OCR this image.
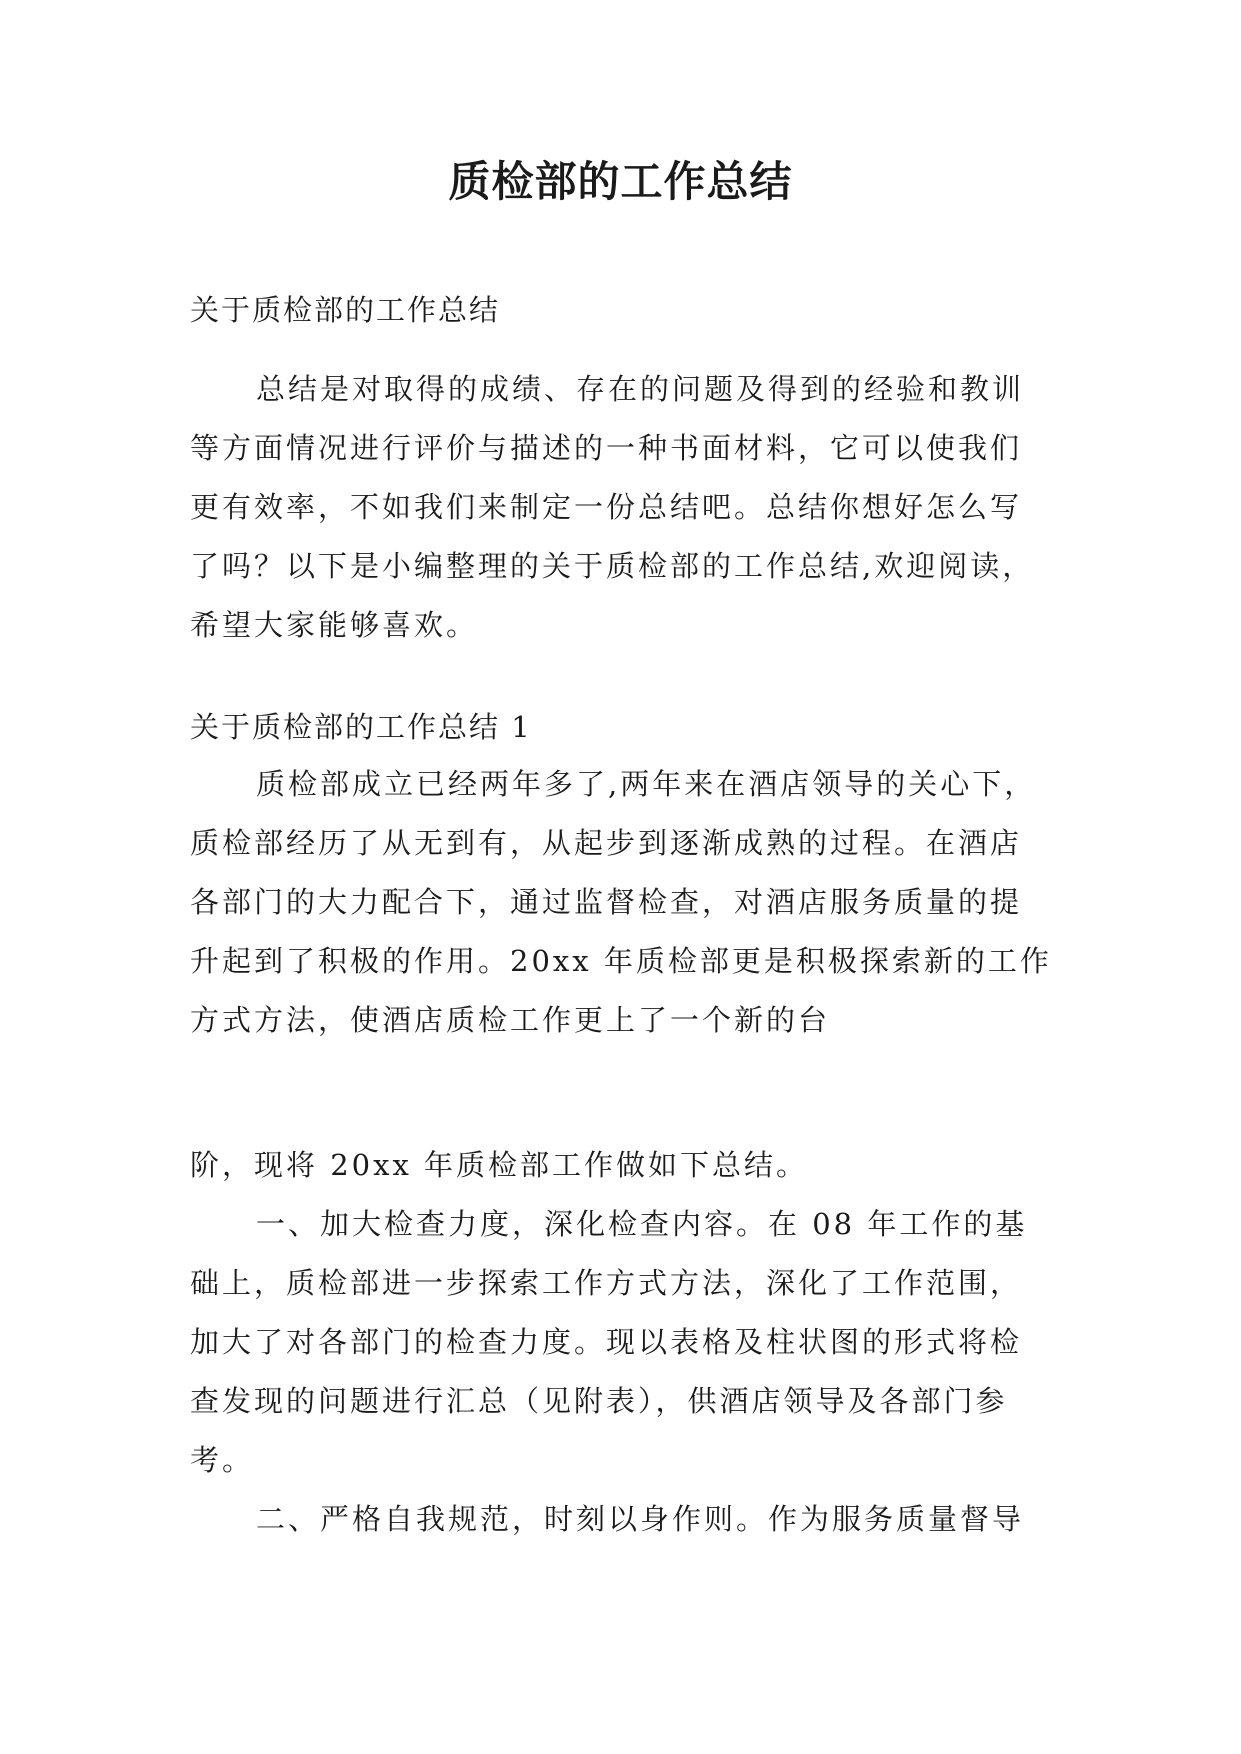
质检部的工作总结
关于质检部的工作总结
总结是对取得的成绩、存在的问题及得到的经验和教训
等方面情况进行评价与描述的一种书面材料，它可以使我们
更有效率，不如我们来制定一份总结吧。总结你想好怎么写
了吗？以下是小编整理的关于质检部的工作总结,欢迎阅读，
希望大家能够喜欢。
关于质检部的工作总结 1
质检部成立已经两年多了,两年来在酒店领导的关心下，
质检部经历了从无到有，从起步到逐渐成熟的过程。在酒店
各部门的大力配合下，通过监督检查，对酒店服务质量的提
升起到了积极的作用。20xx 年质检部更是积极探索新的工作
方式方法，使酒店质检工作更上了一个新的台
阶，现将 20xx 年质检部工作做如下总结。
一、加大检查力度，深化检查内容。在 08 年工作的基
础上，质检部进一步探索工作方式方法，深化了工作范围，
加大了对各部门的检查力度。现以表格及柱状图的形式将检
查发现的问题进行汇总（见附表），供酒店领导及各部门参
考。
二、严格自我规范，时刻以身作则。作为服务质量督导
